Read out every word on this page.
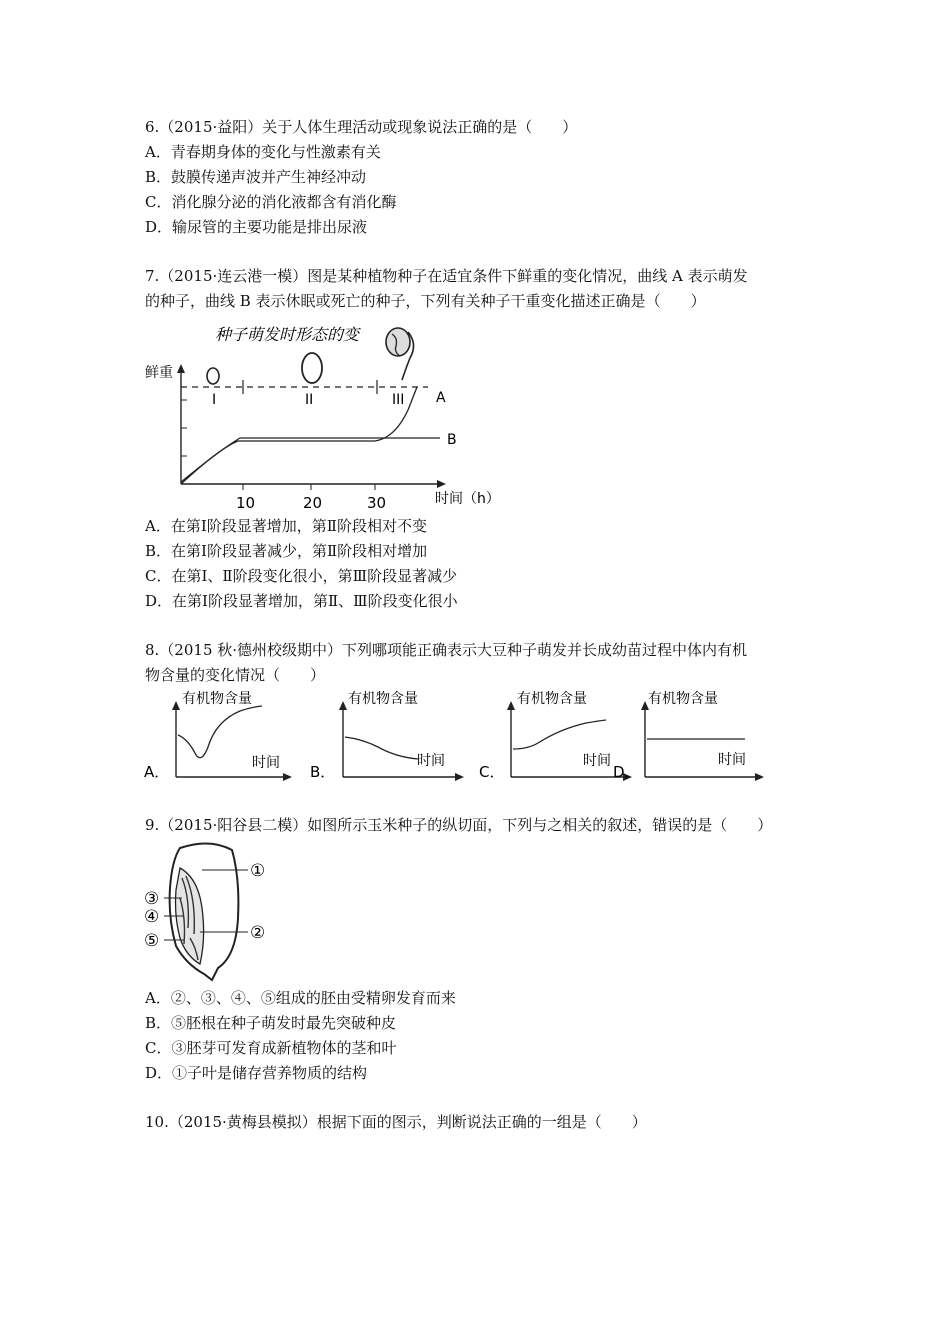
6.（2015·益阳）关于人体生理活动或现象说法正确的是（　　）
A．青春期身体的变化与性激素有关
B．鼓膜传递声波并产生神经冲动
C．消化腺分泌的消化液都含有消化酶
D．输尿管的主要功能是排出尿液
7.（2015·连云港一模）图是某种植物种子在适宜条件下鲜重的变化情况，曲线 A 表示萌发
的种子，曲线 B 表示休眠或死亡的种子，下列有关种子干重变化描述正确是（　　）
种子萌发时形态的变
鲜重
I	II	III A
B
10	20	30	时间（h）
A．在第Ⅰ阶段显著增加，第Ⅱ阶段相对不变
B．在第Ⅰ阶段显著减少，第Ⅱ阶段相对增加
C．在第Ⅰ、Ⅱ阶段变化很小，第Ⅲ阶段显著减少
D．在第Ⅰ阶段显著增加，第Ⅱ、Ⅲ阶段变化很小
8.（2015 秋·德州校级期中）下列哪项能正确表示大豆种子萌发并长成幼苗过程中体内有机
物含量的变化情况（　　）
A．
有机物含量
时间 B．
有机物含量
时间
C．
有机物含量
时间
D．
有机物含量
时间
9.（2015·阳谷县二模）如图所示玉米种子的纵切面，下列与之相关的叙述，错误的是（　　）
①
②
③
④
⑤
A．②、③、④、⑤组成的胚由受精卵发育而来
B．⑤胚根在种子萌发时最先突破种皮
C．③胚芽可发育成新植物体的茎和叶
D．①子叶是储存营养物质的结构
10.（2015·黄梅县模拟）根据下面的图示，判断说法正确的一组是（　　）
